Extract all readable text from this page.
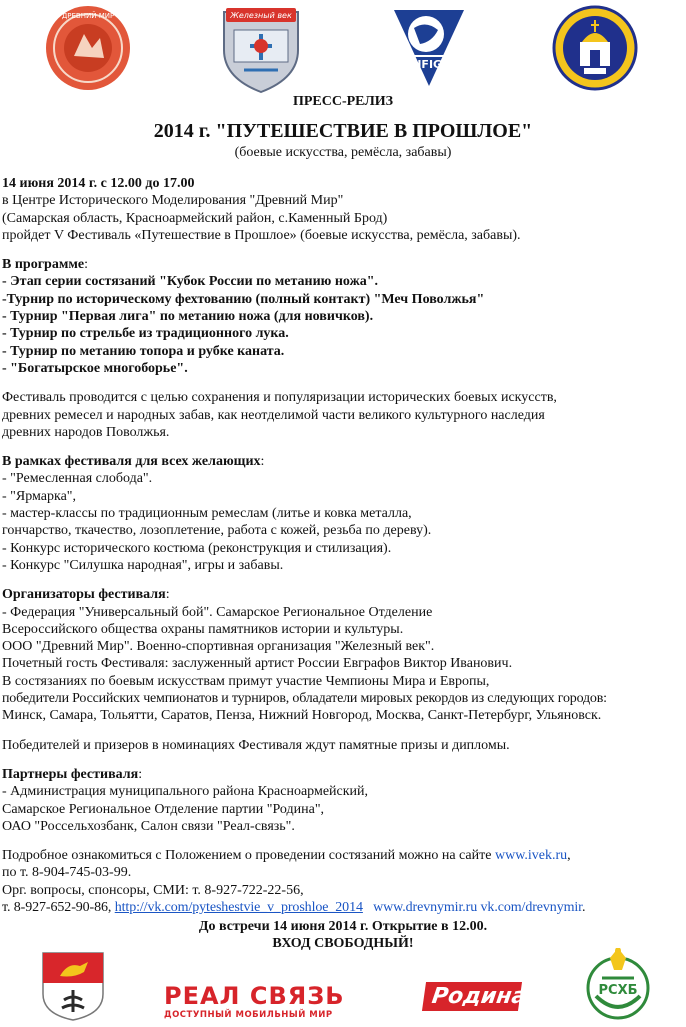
ДРЕВНИЙ МИР	Железный век
UNIFIGHT
ПРЕСС-РЕЛИЗ
2014 г. "ПУТЕШЕСТВИЕ В ПРОШЛОЕ"
(боевые искусства, ремёсла, забавы)

14 июня 2014 г. с 12.00 до 17.00

в Центре Исторического Моделирования "Древний Мир"

(Самарская область, Красноармейский район, с.Каменный Брод)

пройдет V Фестиваль «Путешествие в Прошлое» (боевые искусства, ремёсла, забавы).

В программе:

- Этап серии состязаний "Кубок России по метанию ножа".

-Турнир по историческому фехтованию (полный контакт) "Меч Поволжья"

- Турнир "Первая лига" по метанию ножа (для новичков).

- Турнир по стрельбе из традиционного лука.

- Турнир по метанию топора и рубке каната.

- "Богатырское многоборье".

Фестиваль проводится с целью сохранения и популяризации исторических боевых искусств,

древних ремесел и народных забав, как неотделимой части великого культурного наследия

древних народов Поволжья.

В рамках фестиваля для всех желающих:

- "Ремесленная слобода".

- "Ярмарка",

- мастер-классы по традиционным ремеслам (литье и ковка металла,

гончарство, ткачество, лозоплетение, работа с кожей, резьба по дереву).

- Конкурс исторического костюма (реконструкция и стилизация).

- Конкурс "Силушка народная", игры и забавы.

Организаторы фестиваля:

- Федерация "Универсальный бой". Самарское Региональное Отделение

Всероссийского общества охраны памятников истории и культуры.

ООО "Древний Мир". Военно-спортивная организация "Железный век".

Почетный гость Фестиваля: заслуженный артист России Евграфов Виктор Иванович.

В состязаниях по боевым искусствам примут участие Чемпионы Мира и Европы,

победители Российских чемпионатов и турниров, обладатели мировых рекордов из следующих городов:

Минск, Самара, Тольятти, Саратов, Пенза, Нижний Новгород, Москва, Санкт-Петербург, Ульяновск.

Победителей и призеров в номинациях Фестиваля ждут памятные призы и дипломы.

Партнеры фестиваля:

- Администрация муниципального района Красноармейский,

Самарское Региональное Отделение партии "Родина",

ОАО "Россельхозбанк, Салон связи "Реал-связь".

Подробное ознакомиться с Положением о проведении состязаний можно на сайте www.ivek.ru,

по т. 8-904-745-03-99.

Орг. вопросы, спонсоры, СМИ: т. 8-927-722-22-56,

т. 8-927-652-90-86, http://vk.com/pyteshestvie_v_proshloe_2014 www.drevnymir.ru vk.com/drevnymir.

До встречи 14 июня 2014 г. Открытие в 12.00.
ВХОД СВОБОДНЫЙ!
РЕАЛ СВЯЗЬ
ДОСТУПНЫЙ МОБИЛЬНЫЙ МИР
Родина	РСХБ
